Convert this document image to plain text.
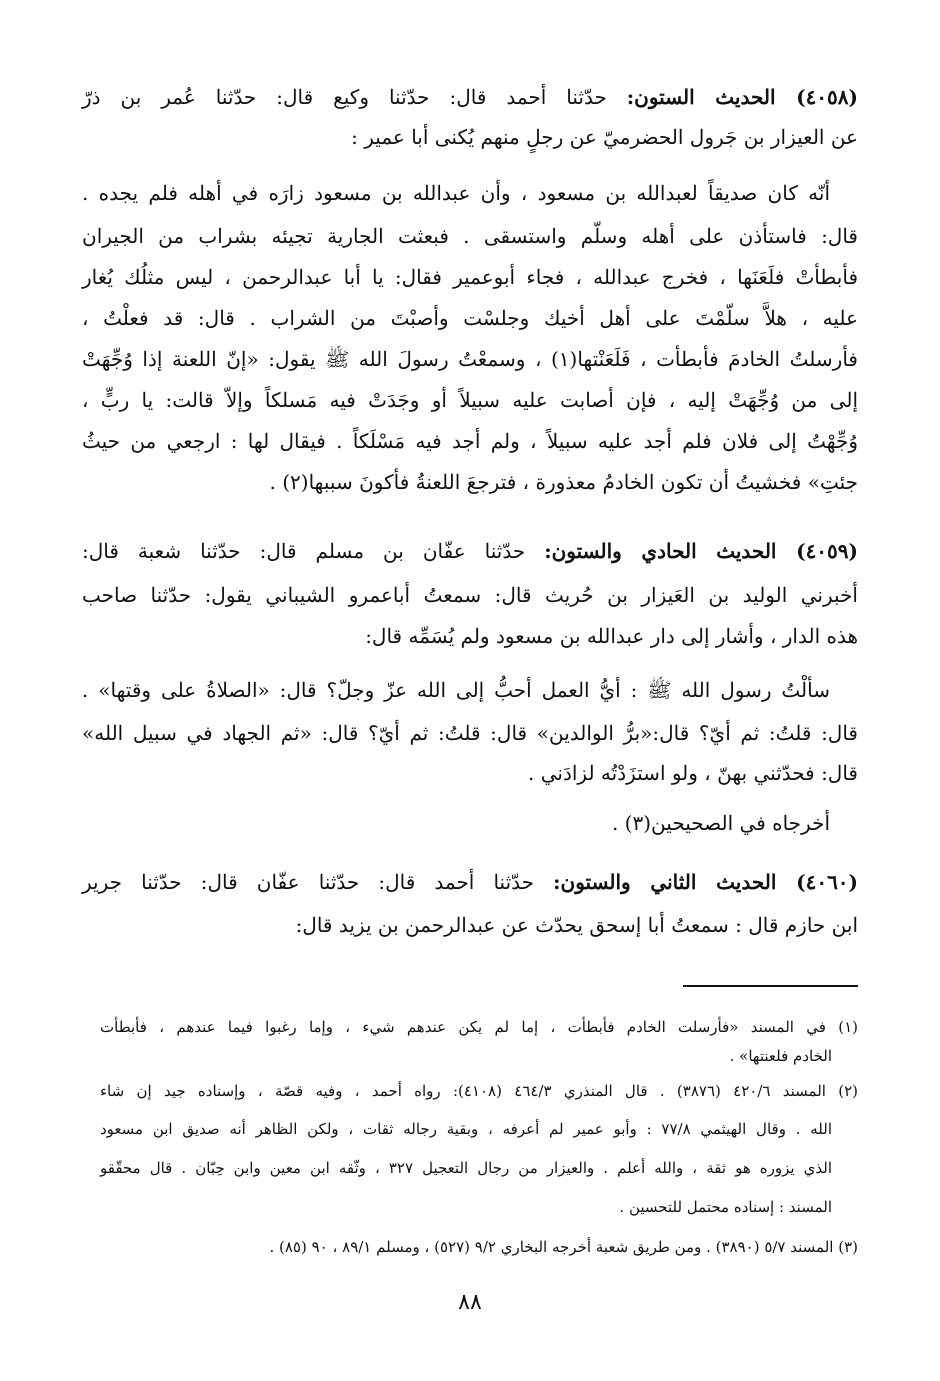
(٤٠٥٨) الحديث الستون: حدّثنا أحمد قال: حدّثنا وكيع قال: حدّثنا عُمر بن ذرّ
عن العيزار بن جَرول الحضرميّ عن رجلٍ منهم يُكنى أبا عمير :
أنّه كان صديقاً لعبدالله بن مسعود ، وأن عبدالله بن مسعود زارَه في أهله فلم يجده .
قال: فاستأذن على أهله وسلّم واستسقى . فبعثت الجارية تجيئه بشراب من الجيران
فأبطأتْ فلَعَنَها ، فخرج عبدالله ، فجاء أبوعمير فقال: يا أبا عبدالرحمن ، ليس مثلُك يُغار
عليه ، هلاَّ سلّمْتَ على أهل أخيك وجلسْت وأصبْتَ من الشراب . قال: قد فعلْتُ ،
فأرسلتُ الخادمَ فأبطأت ، فَلَعَنْتها(١) ، وسمعْتُ رسولَ الله ﷺ يقول: «إنّ اللعنة إذا وُجِّهَتْ
إلى من وُجِّهَتْ إليه ، فإن أصابت عليه سبيلاً أو وجَدَتْ فيه مَسلكاً وإلاّ قالت: يا ربٍّ ،
وُجِّهْتُ إلى فلان فلم أجد عليه سبيلاً ، ولم أجد فيه مَسْلَكاً . فيقال لها : ارجعي من حيثُ
جئتِ» فخشيتُ أن تكون الخادمُ معذورة ، فترجعَ اللعنةُ فأكونَ سببها(٢) .
(٤٠٥٩) الحديث الحادي والستون: حدّثنا عفّان بن مسلم قال: حدّثنا شعبة قال:
أخبرني الوليد بن العَيزار بن حُريث قال: سمعتُ أباعمرو الشيباني يقول: حدّثنا صاحب
هذه الدار ، وأشار إلى دار عبدالله بن مسعود ولم يُسَمِّه قال:
سألْتُ رسول الله ﷺ : أيُّ العمل أحبُّ إلى الله عزّ وجلّ؟ قال: «الصلاةُ على وقتها» .
قال: قلتُ: ثم أيّ؟ قال:«برُّ الوالدين» قال: قلتُ: ثم أيّ؟ قال: «ثم الجهاد في سبيل الله»
قال: فحدّثني بهنّ ، ولو استزَدْتُه لزادَني .
أخرجاه في الصحيحين(٣) .
(٤٠٦٠) الحديث الثاني والستون: حدّثنا أحمد قال: حدّثنا عفّان قال: حدّثنا جرير
ابن حازم قال : سمعتُ أبا إسحق يحدّث عن عبدالرحمن بن يزيد قال:
(١) في المسند «فأرسلت الخادم فأبطأت ، إما لم يكن عندهم شيء ، وإما رغبوا فيما عندهم ، فأبطأت
الخادم فلعنتها» .
(٢) المسند ٤٢٠/٦ (٣٨٧٦) . قال المنذري ٤٦٤/٣ (٤١٠٨): رواه أحمد ، وفيه قصّة ، وإسناده جيد إن شاء
الله . وقال الهيثمي ٧٧/٨ : وأبو عمير لم أعرفه ، وبقية رجاله ثقات ، ولكن الظاهر أنه صديق ابن مسعود
الذي يزوره هو ثقة ، والله أعلم . والعيزار من رجال التعجيل ٣٢٧ ، وثّقه ابن معين وابن حِبّان . قال محقّقو
المسند : إسناده محتمل للتحسين .
(٣) المسند ٥/٧ (٣٨٩٠) . ومن طريق شعبة أخرجه البخاري ٩/٢ (٥٢٧) ، ومسلم ٨٩/١ ، ٩٠ (٨٥) .
٨٨
